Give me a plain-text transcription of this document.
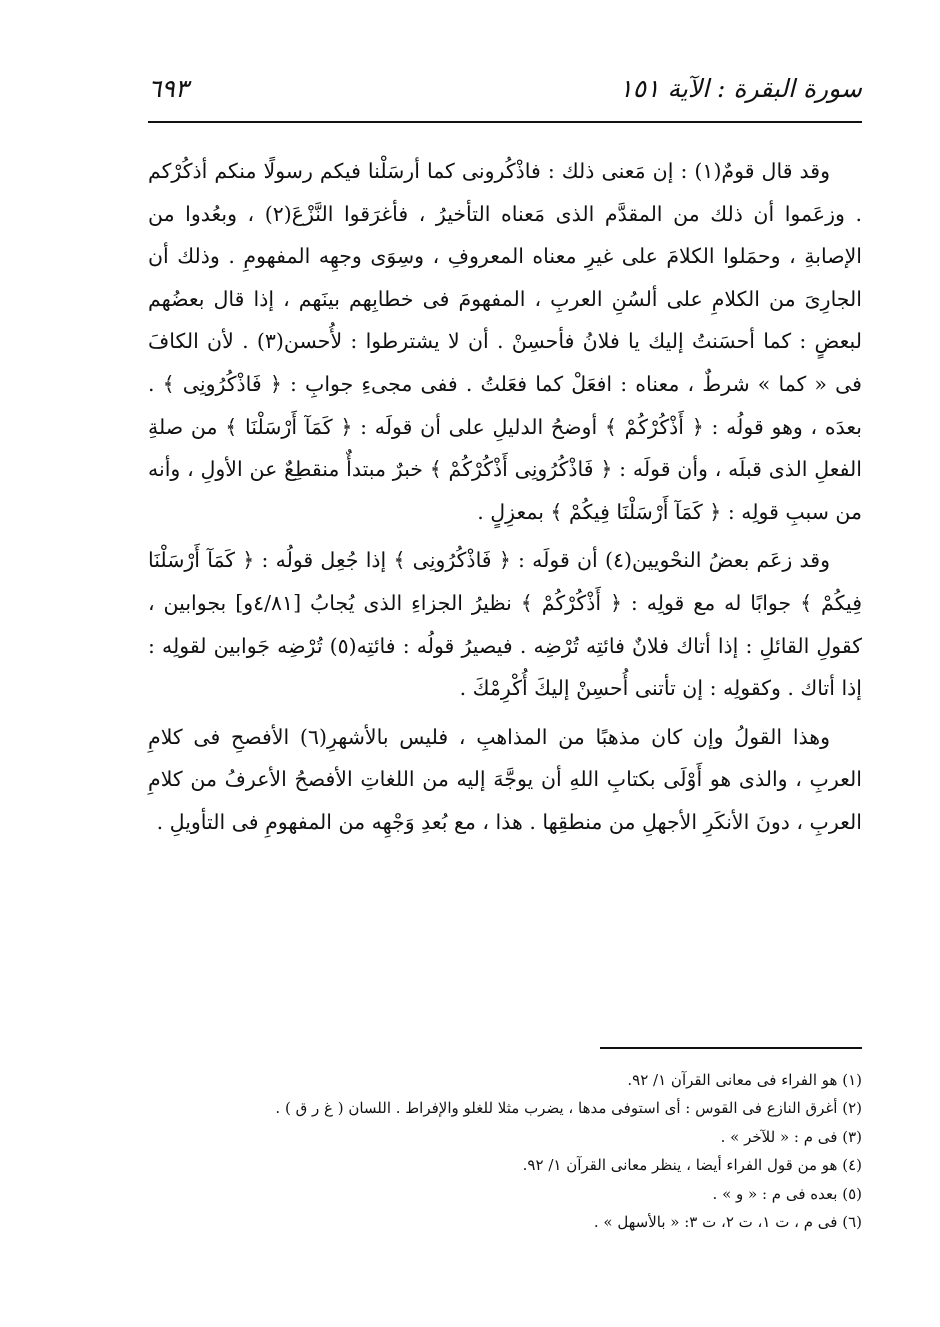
سورة البقرة : الآية ١٥١
٦٩٣

وقد قال قومٌ(١) : إن مَعنى ذلك : فاذْكُرونى كما أرسَلْنا فيكم رسولًا منكم أذكُرْكم . وزعَموا أن ذلك من المقدَّم الذى مَعناه التأخيرُ ، فأغرَقوا النَّزْعَ(٢) ، وبعُدوا من الإصابةِ ، وحمَلوا الكلامَ على غيرِ معناه المعروفِ ، وسِوَى وجهِه المفهومِ . وذلك أن الجارِىَ من الكلامِ على ألسُنِ العربِ ، المفهومَ فى خطابِهم بينَهم ، إذا قال بعضُهم لبعضٍ : كما أحسَنتُ إليك يا فلانُ فأحسِنْ . أن لا يشترطوا : لأُحسن(٣) . لأن الكافَ فى « كما » شرطٌ ، معناه : افعَلْ كما فعَلتُ . ففى مجىءِ جوابِ : ﴿ فَاذْكُرُونِى ﴾ . بعدَه ، وهو قولُه : ﴿ أَذْكُرْكُمْ ﴾ أوضحُ الدليلِ على أن قولَه : ﴿ كَمَآ أَرْسَلْنَا ﴾ من صلةِ الفعلِ الذى قبلَه ، وأن قولَه : ﴿ فَاذْكُرُونِى أَذْكُرْكُمْ ﴾ خبرٌ مبتدأٌ منقطِعٌ عن الأولِ ، وأنه من سببِ قولِه : ﴿ كَمَآ أَرْسَلْنَا فِيكُمْ ﴾ بمعزِلٍ .

وقد زعَم بعضُ النحْويين(٤) أن قولَه : ﴿ فَاذْكُرُونِى ﴾ إذا جُعِل قولُه : ﴿ كَمَآ أَرْسَلْنَا فِيكُمْ ﴾ جوابًا له مع قولِه : ﴿ أَذْكُرْكُمْ ﴾ نظيرُ الجزاءِ الذى يُجابُ [٤/٨١و] بجوابين ، كقولِ القائلِ : إذا أتاك فلانٌ فائتِه تُرْضِه . فيصيرُ قولُه : فائتِه(٥) تُرْضِه جَوابين لقولِه : إذا أتاك . وكقولِه : إن تأتنى أُحسِنْ إليكَ أُكْرِمْكَ .

وهذا القولُ وإن كان مذهبًا من المذاهبِ ، فليس بالأشهرِ(٦) الأفصحِ فى كلامِ العربِ ، والذى هو أَوْلَى بكتابِ اللهِ أن يوجَّهَ إليه من اللغاتِ الأفصحُ الأعرفُ من كلامِ العربِ ، دونَ الأنكَرِ الأجهلِ من منطقِها . هذا ، مع بُعدِ وَجْهِه من المفهومِ فى التأويلِ .

(١) هو الفراء فى معانى القرآن ١/ ٩٢.

(٢) أغرق النازع فى القوس : أى استوفى مدها ، يضرب مثلا للغلو والإفراط . اللسان ( غ ر ق ) .

(٣) فى م : « للآخر » .

(٤) هو من قول الفراء أيضا ، ينظر معانى القرآن ١/ ٩٢.

(٥) بعده فى م : « و » .

(٦) فى م ، ت ١، ت ٢، ت ٣: « بالأسهل » .
